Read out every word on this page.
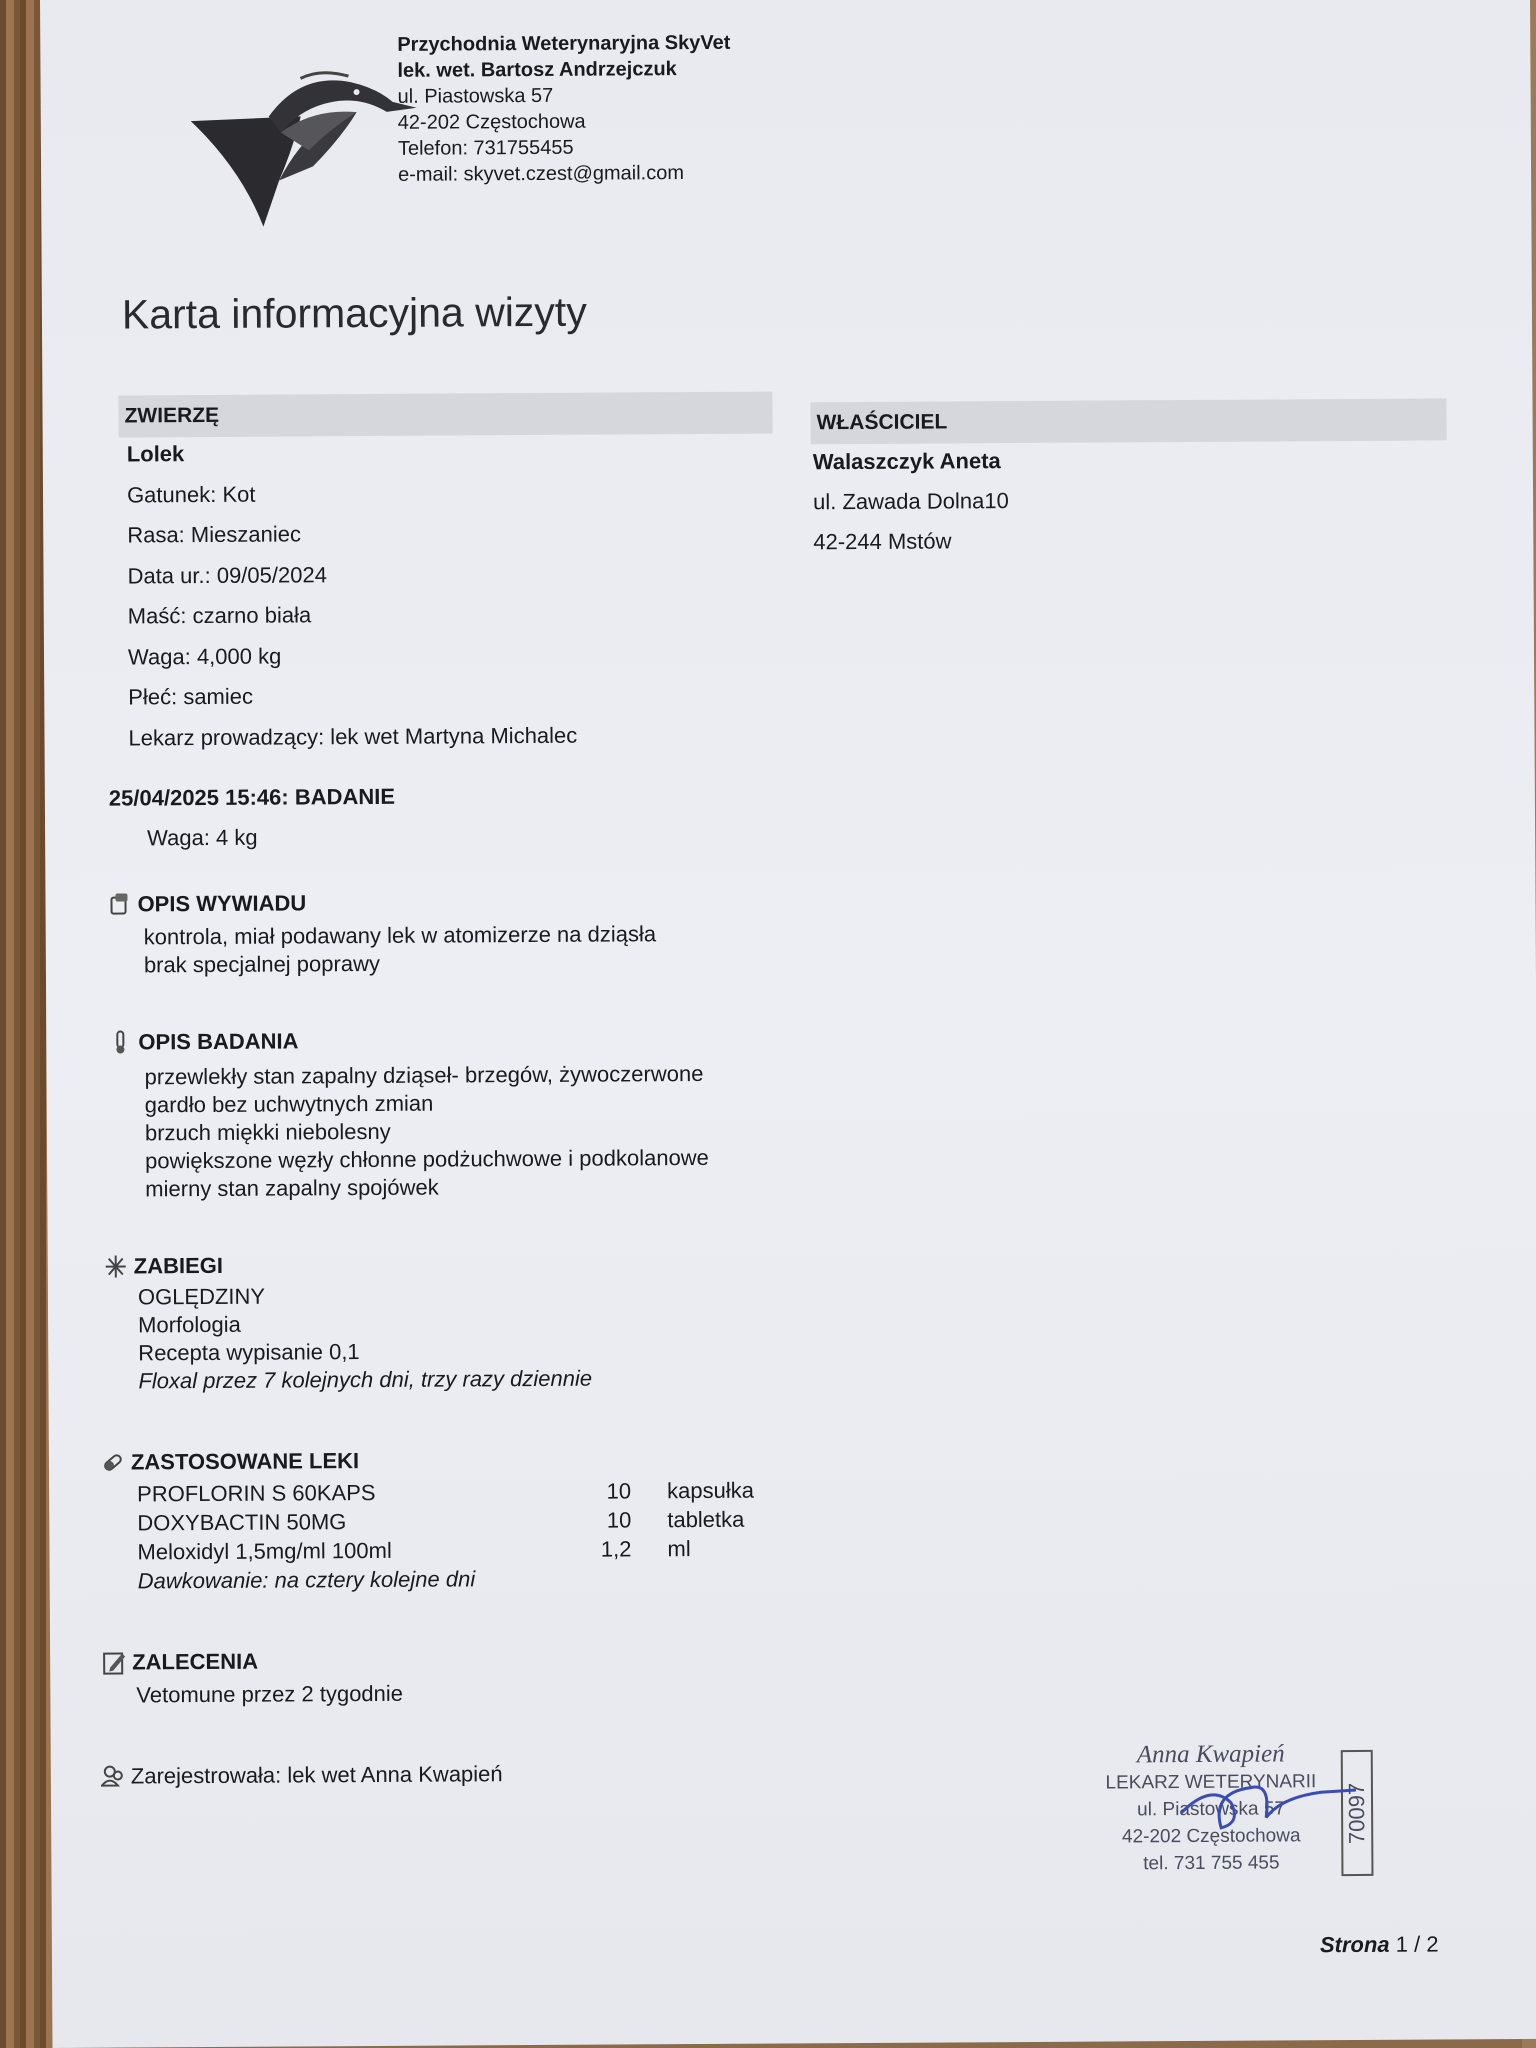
Przychodnia Weterynaryjna SkyVet
lek. wet. Bartosz Andrzejczuk
ul. Piastowska 57
42-202 Częstochowa
Telefon: 731755455
e-mail: skyvet.czest@gmail.com
Karta informacyjna wizyty
ZWIERZĘ
Lolek
Gatunek: Kot
Rasa: Mieszaniec
Data ur.: 09/05/2024
Maść: czarno biała
Waga: 4,000 kg
Płeć: samiec
Lekarz prowadzący: lek wet Martyna Michalec
WŁAŚCICIEL
Walaszczyk Aneta
ul. Zawada Dolna10
42-244 Mstów
25/04/2025 15:46: BADANIE
Waga: 4 kg
OPIS WYWIADU
kontrola, miał podawany lek w atomizerze na dziąsła
brak specjalnej poprawy
OPIS BADANIA
przewlekły stan zapalny dziąseł- brzegów, żywoczerwone
gardło bez uchwytnych zmian
brzuch miękki niebolesny
powiększone węzły chłonne podżuchwowe i podkolanowe
mierny stan zapalny spojówek
ZABIEGI
OGLĘDZINY
Morfologia
Recepta wypisanie 0,1
Floxal przez 7 kolejnych dni, trzy razy dziennie
ZASTOSOWANE LEKI
PROFLORIN S 60KAPS	10	kapsułka
DOXYBACTIN 50MG	10	tabletka
Meloxidyl 1,5mg/ml 100ml	1,2	ml
Dawkowanie: na cztery kolejne dni		
ZALECENIA
Vetomune przez 2 tygodnie
Zarejestrowała: lek wet Anna Kwapień
Anna Kwapień
LEKARZ WETERYNARII
ul. Piastowska 57
42-202 Częstochowa
tel. 731 755 455
70097
Strona 1 / 2
